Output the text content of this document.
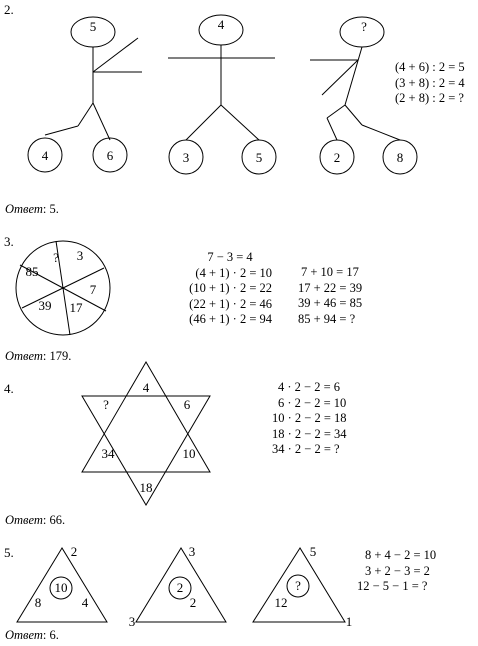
2.
5
4	6
4
3	5
?
2	8
? 3
7
17
39
85
4
6
10
18
34
?
2
8	4
10
3
3
2
2
5
12
1
?
(4 + 6) : 2 = 5
(3 + 8) : 2 = 4
(2 + 8) : 2 = ?
Ответ: 5.
3.
7 − 3 = 4
(4 + 1) · 2 = 10
(10 + 1) · 2 = 22
(22 + 1) · 2 = 46
(46 + 1) · 2 = 94
7 + 10 = 17
17 + 22 = 39
39 + 46 = 85
85 + 94 = ?
Ответ: 179.
4.	4 · 2 − 2 = 6
6 · 2 − 2 = 10
10 · 2 − 2 = 18
18 · 2 − 2 = 34
34 · 2 − 2 = ?
Ответ: 66.
5.	8 + 4 − 2 = 10
3 + 2 − 3 = 2
12 − 5 − 1 = ?
Ответ: 6.
